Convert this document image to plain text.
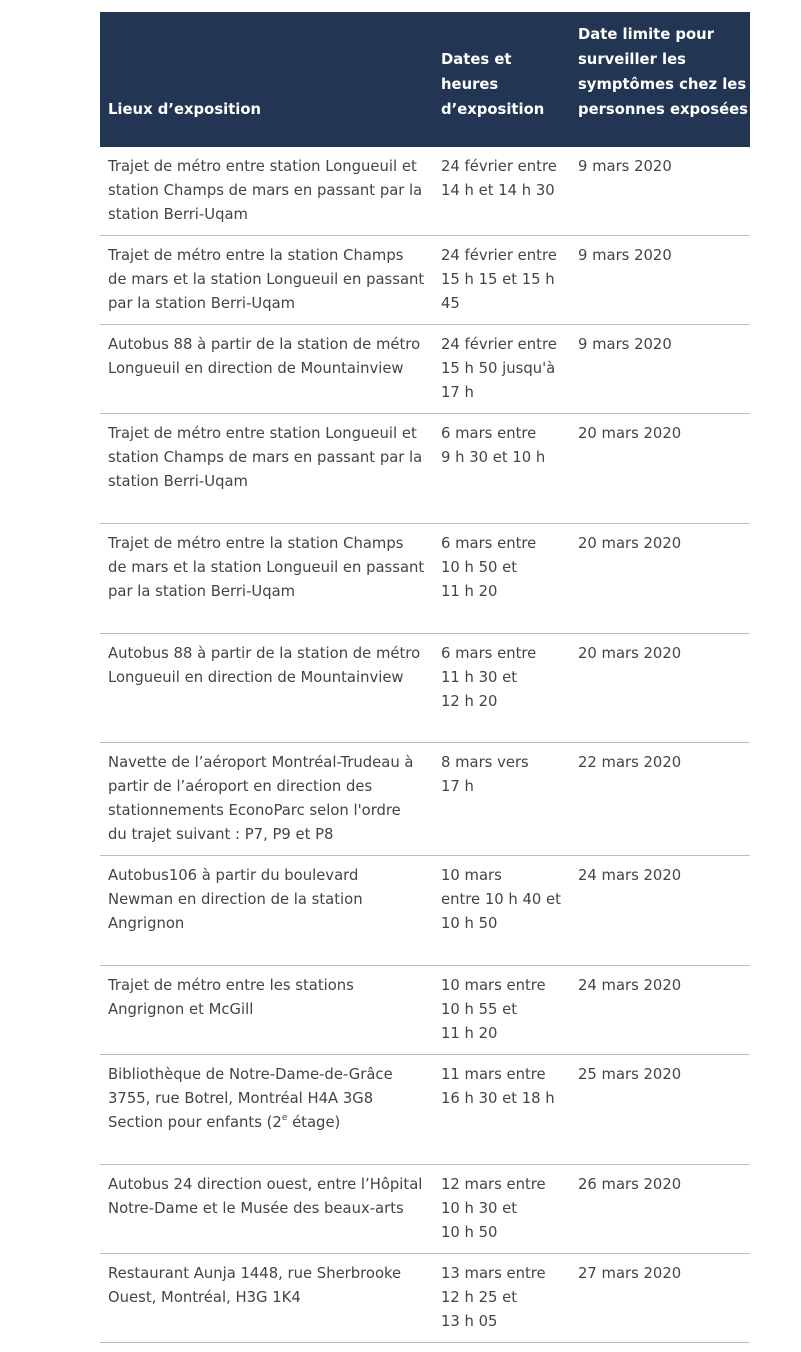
Lieux d’exposition
Dates et
heures
d’exposition
Date limite pour
surveiller les
symptômes chez les
personnes exposées
Trajet de métro entre station Longueuil et
station Champs de mars en passant par la
station Berri-Uqam
24 février entre
14 h et 14 h 30
9 mars 2020
Trajet de métro entre la station Champs
de mars et la station Longueuil en passant
par la station Berri-Uqam
24 février entre
15 h 15 et 15 h
45
9 mars 2020
Autobus 88 à partir de la station de métro
Longueuil en direction de Mountainview
24 février entre
15 h 50 jusqu'à
17 h
9 mars 2020
Trajet de métro entre station Longueuil et
station Champs de mars en passant par la
station Berri-Uqam
6 mars entre
9 h 30 et 10 h
20 mars 2020
Trajet de métro entre la station Champs
de mars et la station Longueuil en passant
par la station Berri-Uqam
6 mars entre
10 h 50 et
11 h 20
20 mars 2020
Autobus 88 à partir de la station de métro
Longueuil en direction de Mountainview
6 mars entre
11 h 30 et
12 h 20
20 mars 2020
Navette de l’aéroport Montréal-Trudeau à
partir de l’aéroport en direction des
stationnements EconoParc selon l'ordre
du trajet suivant : P7, P9 et P8
8 mars vers
17 h
22 mars 2020
Autobus106 à partir du boulevard
Newman en direction de la station
Angrignon
10 mars
entre 10 h 40 et
10 h 50
24 mars 2020
Trajet de métro entre les stations
Angrignon et McGill
10 mars entre
10 h 55 et
11 h 20
24 mars 2020
Bibliothèque de Notre-Dame-de-Grâce
3755, rue Botrel, Montréal H4A 3G8
Section pour enfants (2e étage)
11 mars entre
16 h 30 et 18 h
25 mars 2020
Autobus 24 direction ouest, entre l’Hôpital
Notre-Dame et le Musée des beaux-arts
12 mars entre
10 h 30 et
10 h 50
26 mars 2020
Restaurant Aunja 1448, rue Sherbrooke
Ouest, Montréal, H3G 1K4
13 mars entre
12 h 25 et
13 h 05
27 mars 2020
